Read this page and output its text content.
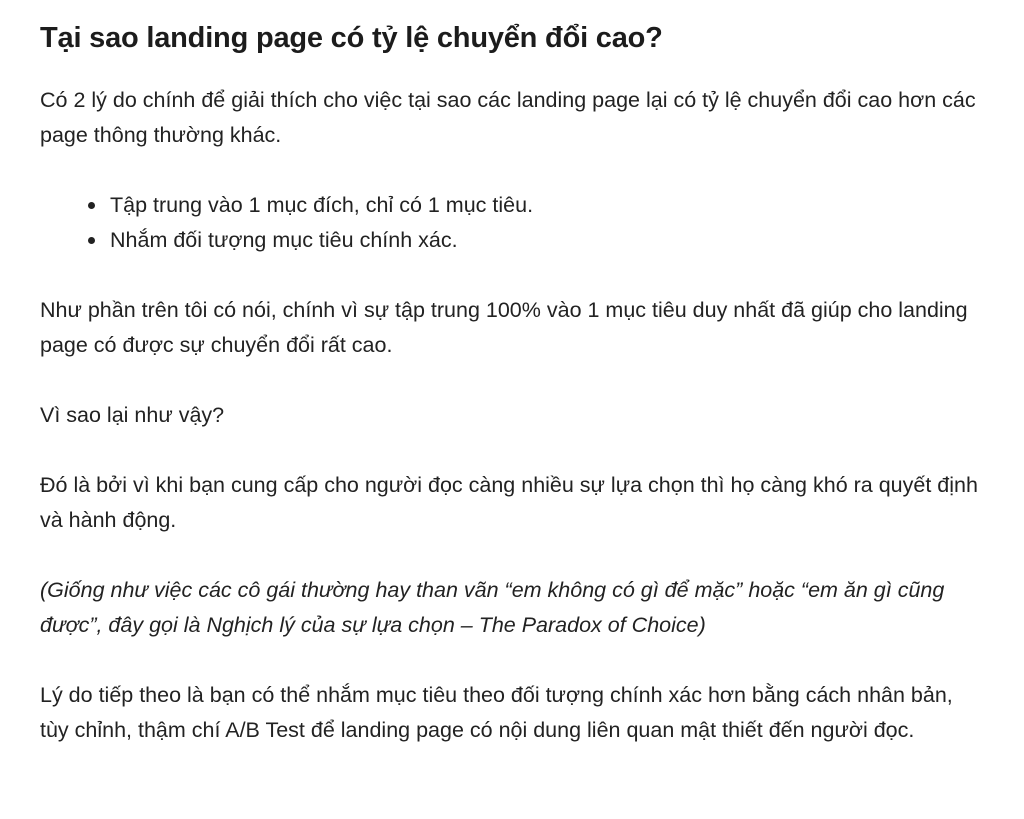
Tại sao landing page có tỷ lệ chuyển đổi cao?

Có 2 lý do chính để giải thích cho việc tại sao các landing page lại có tỷ lệ chuyển đổi cao hơn các page thông thường khác.

Tập trung vào 1 mục đích, chỉ có 1 mục tiêu.
Nhắm đối tượng mục tiêu chính xác.

Như phần trên tôi có nói, chính vì sự tập trung 100% vào 1 mục tiêu duy nhất đã giúp cho landing page có được sự chuyển đổi rất cao.

Vì sao lại như vậy?

Đó là bởi vì khi bạn cung cấp cho người đọc càng nhiều sự lựa chọn thì họ càng khó ra quyết định và hành động.

(Giống như việc các cô gái thường hay than vãn “em không có gì để mặc” hoặc “em ăn gì cũng được”, đây gọi là Nghịch lý của sự lựa chọn – The Paradox of Choice)

Lý do tiếp theo là bạn có thể nhắm mục tiêu theo đối tượng chính xác hơn bằng cách nhân bản, tùy chỉnh, thậm chí A/B Test để landing page có nội dung liên quan mật thiết đến người đọc.
